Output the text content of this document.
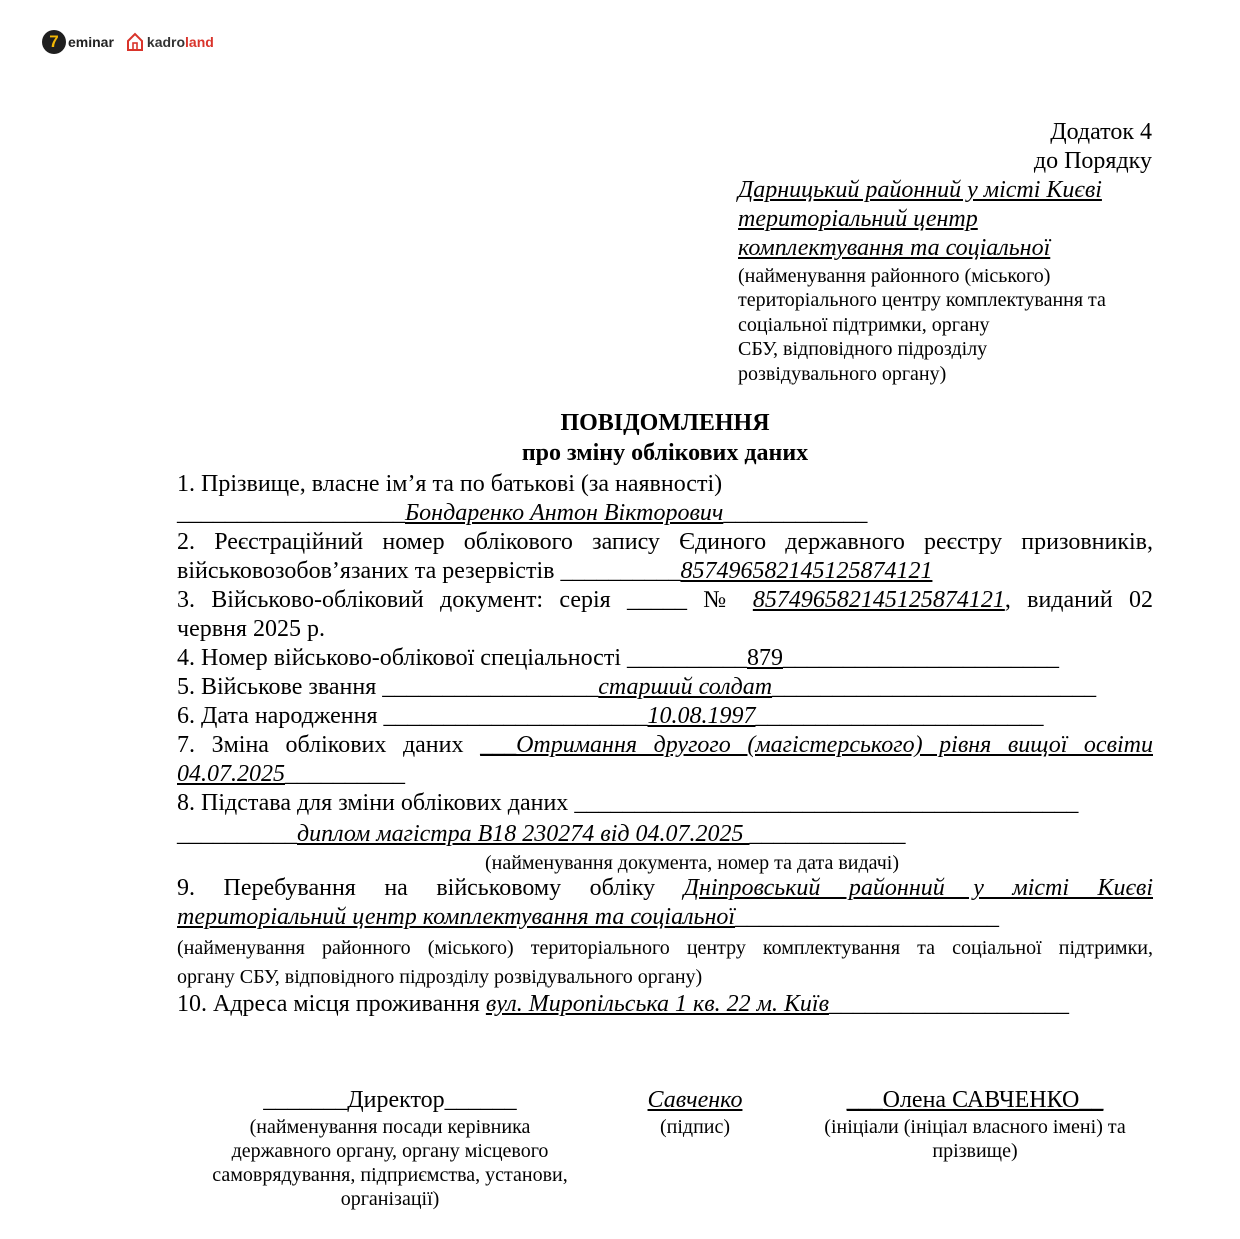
7 eminar kadroland
Додаток 4
до Порядку
Дарницький районний у місті Києві
територіальний центр
комплектування та соціальної
(найменування районного (міського)
територіального центру комплектування та
соціальної підтримки, органу
СБУ, відповідного підрозділу
розвідувального органу)
ПОВІДОМЛЕННЯ
про зміну облікових даних
1. Прізвище, власне ім’я та по батькові (за наявності)
___________________Бондаренко Антон Вікторович____________
2. Реєстраційний номер облікового запису Єдиного державного реєстру призовників,
військовозобов’язаних та резервістів __________85749658214512587412​1
3. Військово-обліковий документ: серія _____ № 857496582145125874121, виданий 02
червня 2025 р.
4. Номер військово-облікової спеціальності __________879_______________________
5. Військове звання __________________старший солдат___________________________
6. Дата народження ______________________10.08.1997________________________
7. Зміна облікових даних ___Отримання другого (магістерського) рівня вищої освіти
04.07.2025__________
8. Підстава для зміни облікових даних __________________________________________
__________диплом магістра В18 230274 від 04.07.2025 _____________
(найменування документа, номер та дата видачі)
9. Перебування на військовому обліку Дніпровський районний у місті Києві
територіальний центр комплектування та соціальної______________________
(найменування районного (міського) територіального центру комплектування та соціальної підтримки,
органу СБУ, відповідного підрозділу розвідувального органу)
10. Адреса місця проживання вул. Миропільська 1 кв. 22 м. Київ____________________
_______Директор______
(найменування посади керівника
державного органу, органу місцевого
самоврядування, підприємства, установи,
організації)
Савченко
(підпис)
___Олена САВЧЕНКО__
(ініціали (ініціал власного імені) та
прізвище)
